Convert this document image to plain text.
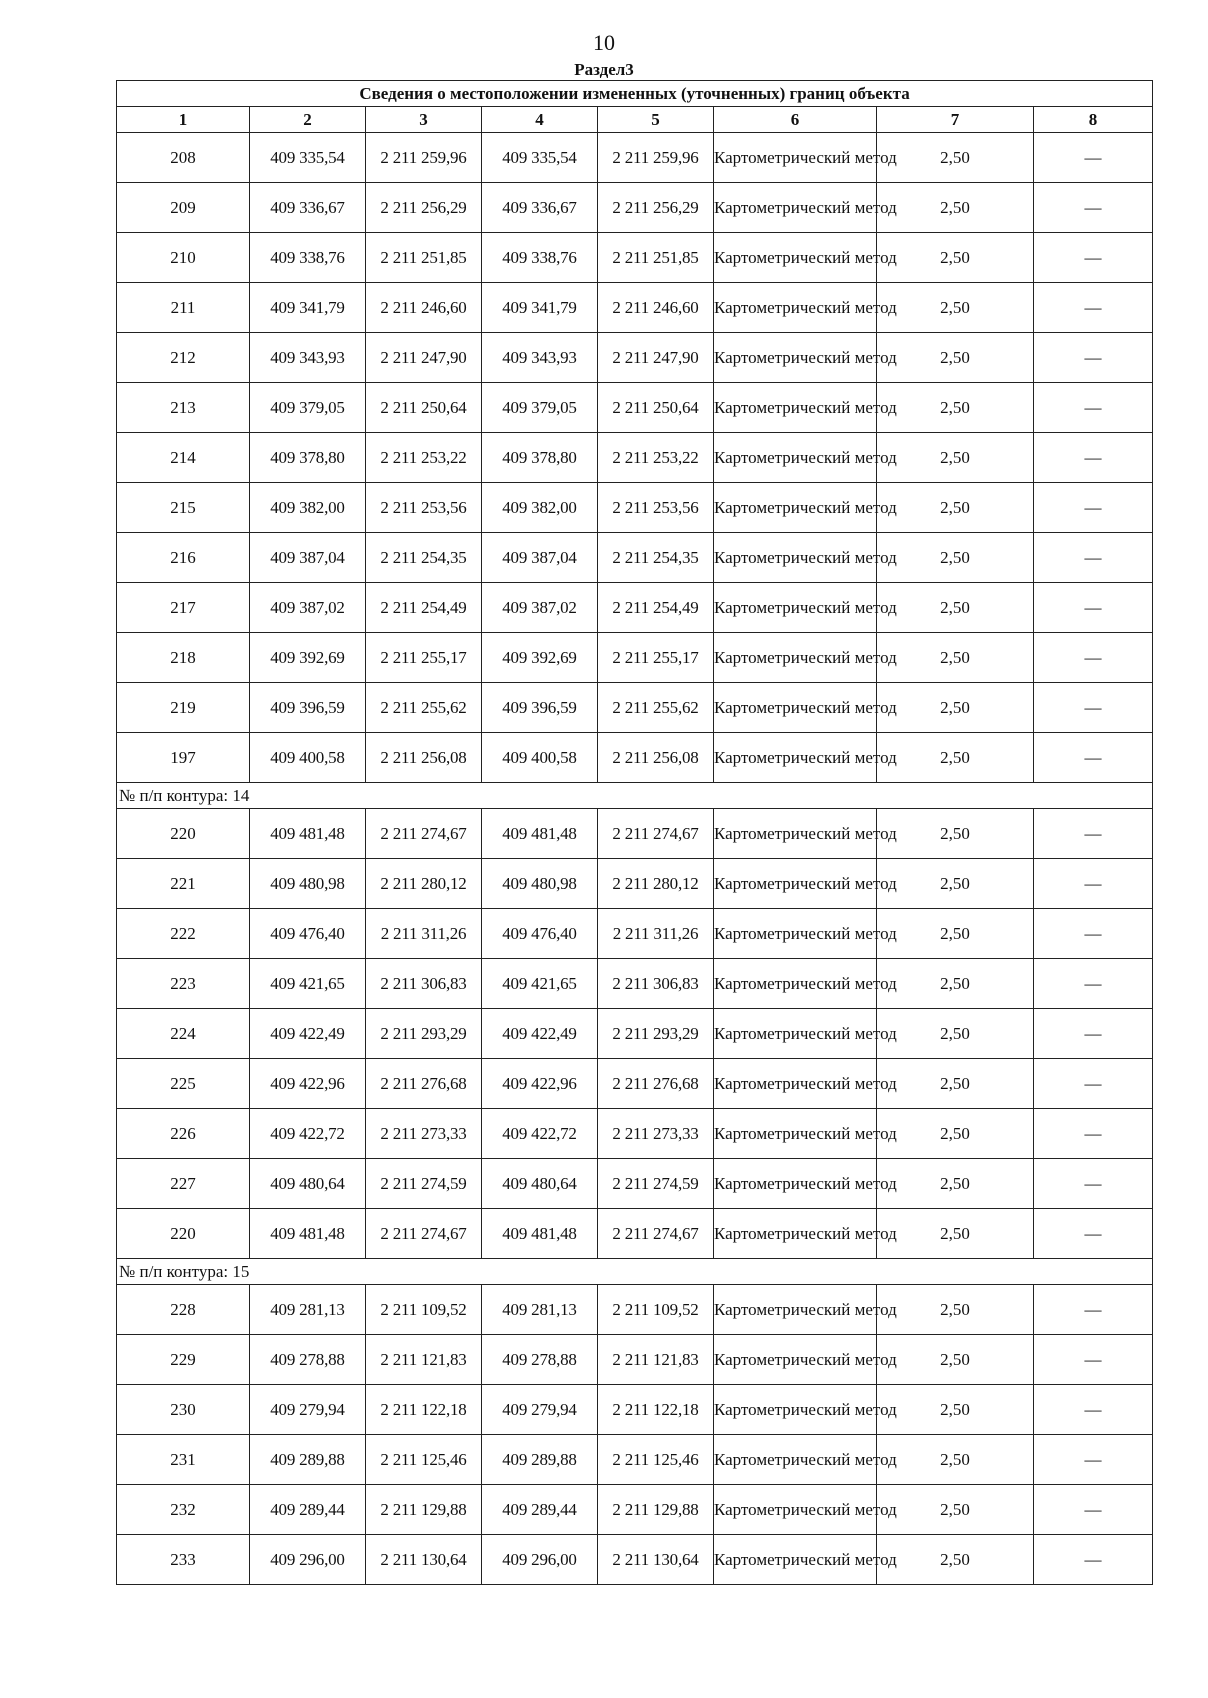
10
Раздел3
Сведения о местоположении измененных (уточненных) границ объекта							
1	2	3	4	5	6	7	8
208	409 335,54	2 211 259,96	409 335,54	2 211 259,96	Картометрический метод	2,50	—
209	409 336,67	2 211 256,29	409 336,67	2 211 256,29	Картометрический метод	2,50	—
210	409 338,76	2 211 251,85	409 338,76	2 211 251,85	Картометрический метод	2,50	—
211	409 341,79	2 211 246,60	409 341,79	2 211 246,60	Картометрический метод	2,50	—
212	409 343,93	2 211 247,90	409 343,93	2 211 247,90	Картометрический метод	2,50	—
213	409 379,05	2 211 250,64	409 379,05	2 211 250,64	Картометрический метод	2,50	—
214	409 378,80	2 211 253,22	409 378,80	2 211 253,22	Картометрический метод	2,50	—
215	409 382,00	2 211 253,56	409 382,00	2 211 253,56	Картометрический метод	2,50	—
216	409 387,04	2 211 254,35	409 387,04	2 211 254,35	Картометрический метод	2,50	—
217	409 387,02	2 211 254,49	409 387,02	2 211 254,49	Картометрический метод	2,50	—
218	409 392,69	2 211 255,17	409 392,69	2 211 255,17	Картометрический метод	2,50	—
219	409 396,59	2 211 255,62	409 396,59	2 211 255,62	Картометрический метод	2,50	—
197	409 400,58	2 211 256,08	409 400,58	2 211 256,08	Картометрический метод	2,50	—
№ п/п контура: 14							
220	409 481,48	2 211 274,67	409 481,48	2 211 274,67	Картометрический метод	2,50	—
221	409 480,98	2 211 280,12	409 480,98	2 211 280,12	Картометрический метод	2,50	—
222	409 476,40	2 211 311,26	409 476,40	2 211 311,26	Картометрический метод	2,50	—
223	409 421,65	2 211 306,83	409 421,65	2 211 306,83	Картометрический метод	2,50	—
224	409 422,49	2 211 293,29	409 422,49	2 211 293,29	Картометрический метод	2,50	—
225	409 422,96	2 211 276,68	409 422,96	2 211 276,68	Картометрический метод	2,50	—
226	409 422,72	2 211 273,33	409 422,72	2 211 273,33	Картометрический метод	2,50	—
227	409 480,64	2 211 274,59	409 480,64	2 211 274,59	Картометрический метод	2,50	—
220	409 481,48	2 211 274,67	409 481,48	2 211 274,67	Картометрический метод	2,50	—
№ п/п контура: 15							
228	409 281,13	2 211 109,52	409 281,13	2 211 109,52	Картометрический метод	2,50	—
229	409 278,88	2 211 121,83	409 278,88	2 211 121,83	Картометрический метод	2,50	—
230	409 279,94	2 211 122,18	409 279,94	2 211 122,18	Картометрический метод	2,50	—
231	409 289,88	2 211 125,46	409 289,88	2 211 125,46	Картометрический метод	2,50	—
232	409 289,44	2 211 129,88	409 289,44	2 211 129,88	Картометрический метод	2,50	—
233	409 296,00	2 211 130,64	409 296,00	2 211 130,64	Картометрический метод	2,50	—
